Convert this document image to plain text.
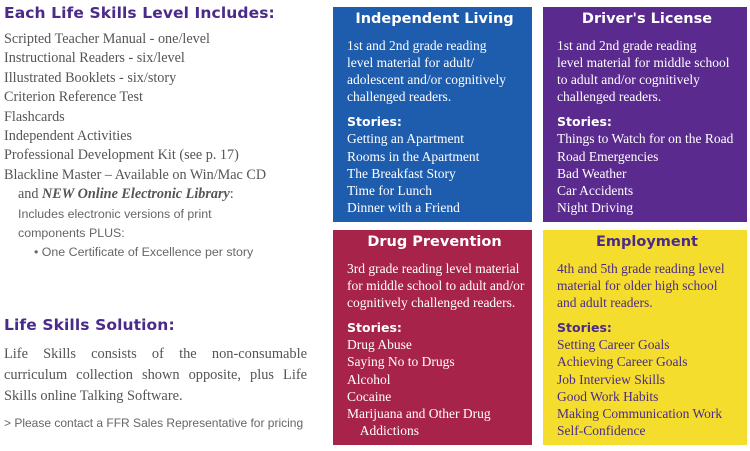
Each Life Skills Level Includes:
Scripted Teacher Manual - one/level
Instructional Readers - six/level
Illustrated Booklets - six/story
Criterion Reference Test
Flashcards
Independent Activities
Professional Development Kit (see p. 17)
Blackline Master – Available on Win/Mac CD
and NEW Online Electronic Library:
Includes electronic versions of print
components PLUS:
• One Certificate of Excellence per story
Life Skills Solution:
Life Skills consists of the non-consumable curriculum collection shown opposite, plus Life Skills online Talking Software.
> Please contact a FFR Sales Representative for pricing
Independent Living
1st and 2nd grade reading
level material for adult/
adolescent and/or cognitively
challenged readers.
Stories:
Getting an Apartment
Rooms in the Apartment
The Breakfast Story
Time for Lunch
Dinner with a Friend
Driver's License
1st and 2nd grade reading
level material for middle school
to adult and/or cognitively
challenged readers.
Stories:
Things to Watch for on the Road
Road Emergencies
Bad Weather
Car Accidents
Night Driving
Drug Prevention
3rd grade reading level material
for middle school to adult and/or
cognitively challenged readers.
Stories:
Drug Abuse
Saying No to Drugs
Alcohol
Cocaine
Marijuana and Other Drug
Addictions
Employment
4th and 5th grade reading level
material for older high school
and adult readers.
Stories:
Setting Career Goals
Achieving Career Goals
Job Interview Skills
Good Work Habits
Making Communication Work
Self-Confidence
